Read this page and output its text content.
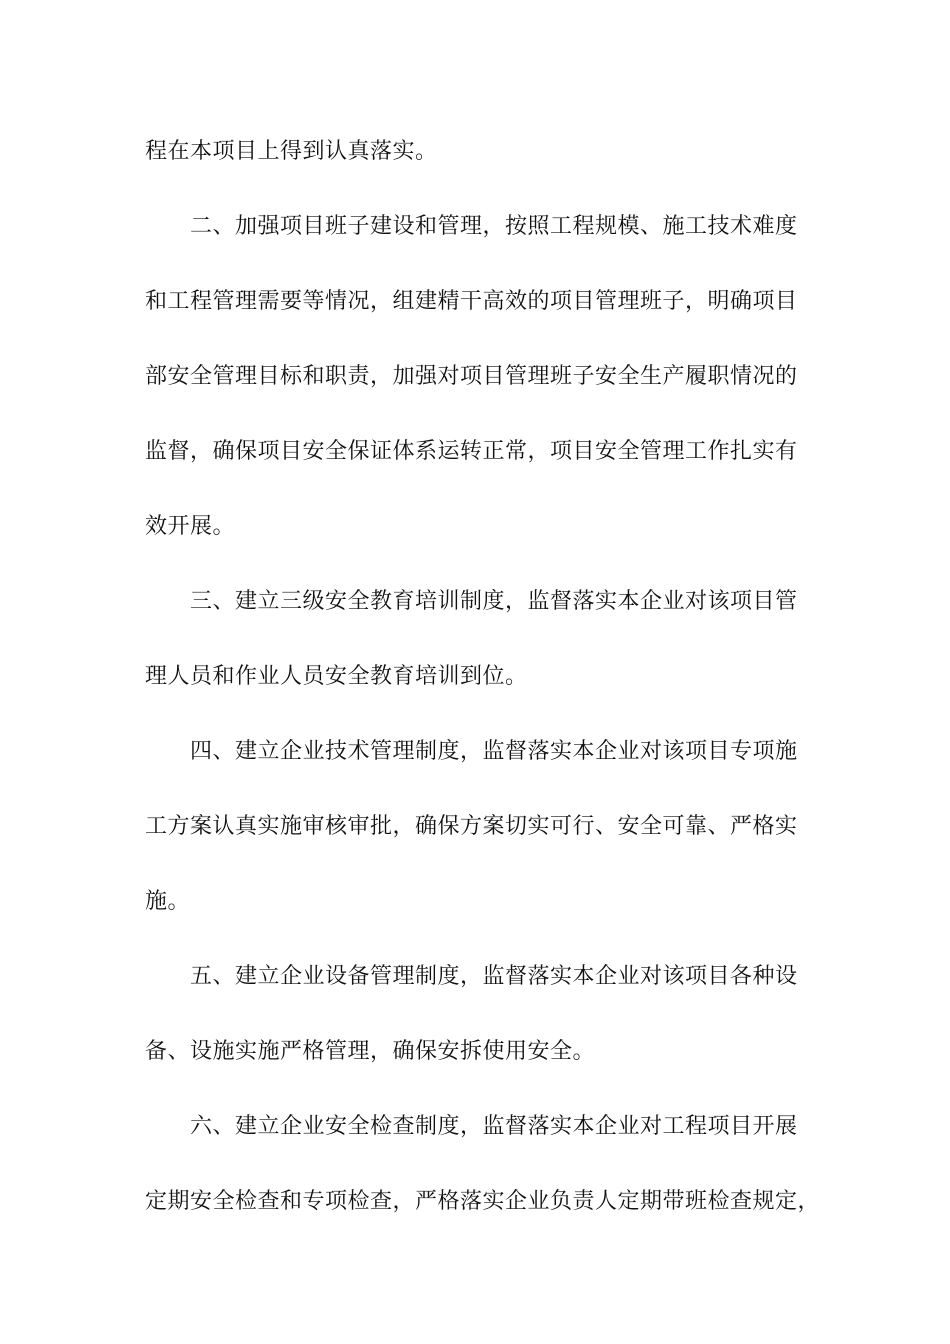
程在本项目上得到认真落实。

二、加强项目班子建设和管理，按照工程规模、施工技术难度

和工程管理需要等情况，组建精干高效的项目管理班子，明确项目

部安全管理目标和职责，加强对项目管理班子安全生产履职情况的

监督，确保项目安全保证体系运转正常，项目安全管理工作扎实有

效开展。

三、建立三级安全教育培训制度，监督落实本企业对该项目管

理人员和作业人员安全教育培训到位。

四、建立企业技术管理制度，监督落实本企业对该项目专项施

工方案认真实施审核审批，确保方案切实可行、安全可靠、严格实

施。

五、建立企业设备管理制度，监督落实本企业对该项目各种设

备、设施实施严格管理，确保安拆使用安全。

六、建立企业安全检查制度，监督落实本企业对工程项目开展

定期安全检查和专项检查，严格落实企业负责人定期带班检查规定，
